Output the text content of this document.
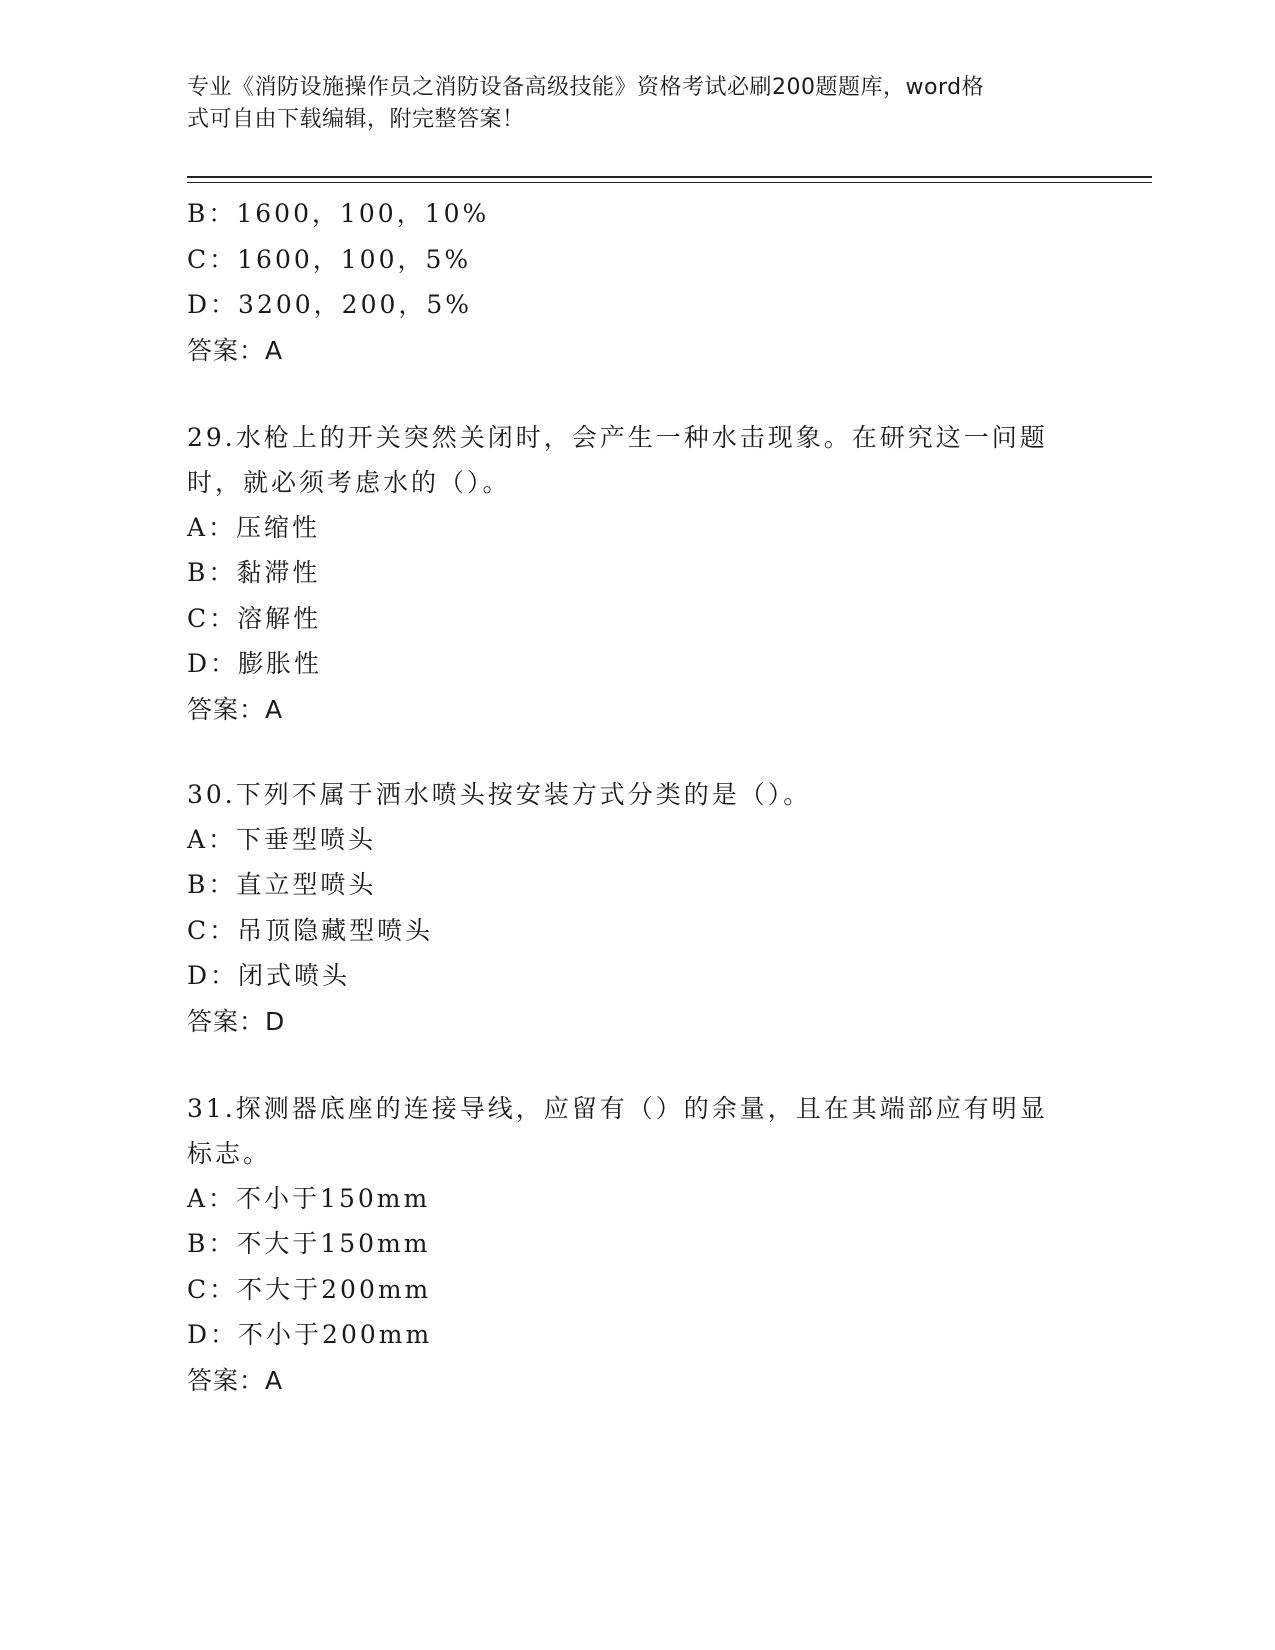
专业《消防设施操作员之消防设备高级技能》资格考试必刷200题题库，word格
式可自由下载编辑，附完整答案！
B：1600，100，10%
C：1600，100，5%
D：3200，200，5%
答案：A
29.水枪上的开关突然关闭时，会产生一种水击现象。在研究这一问题
时，就必须考虑水的（）。
A：压缩性
B：黏滞性
C：溶解性
D：膨胀性
答案：A
30.下列不属于洒水喷头按安装方式分类的是（）。
A：下垂型喷头
B：直立型喷头
C：吊顶隐藏型喷头
D：闭式喷头
答案：D
31.探测器底座的连接导线，应留有（）的余量，且在其端部应有明显
标志。
A：不小于150mm
B：不大于150mm
C：不大于200mm
D：不小于200mm
答案：A
